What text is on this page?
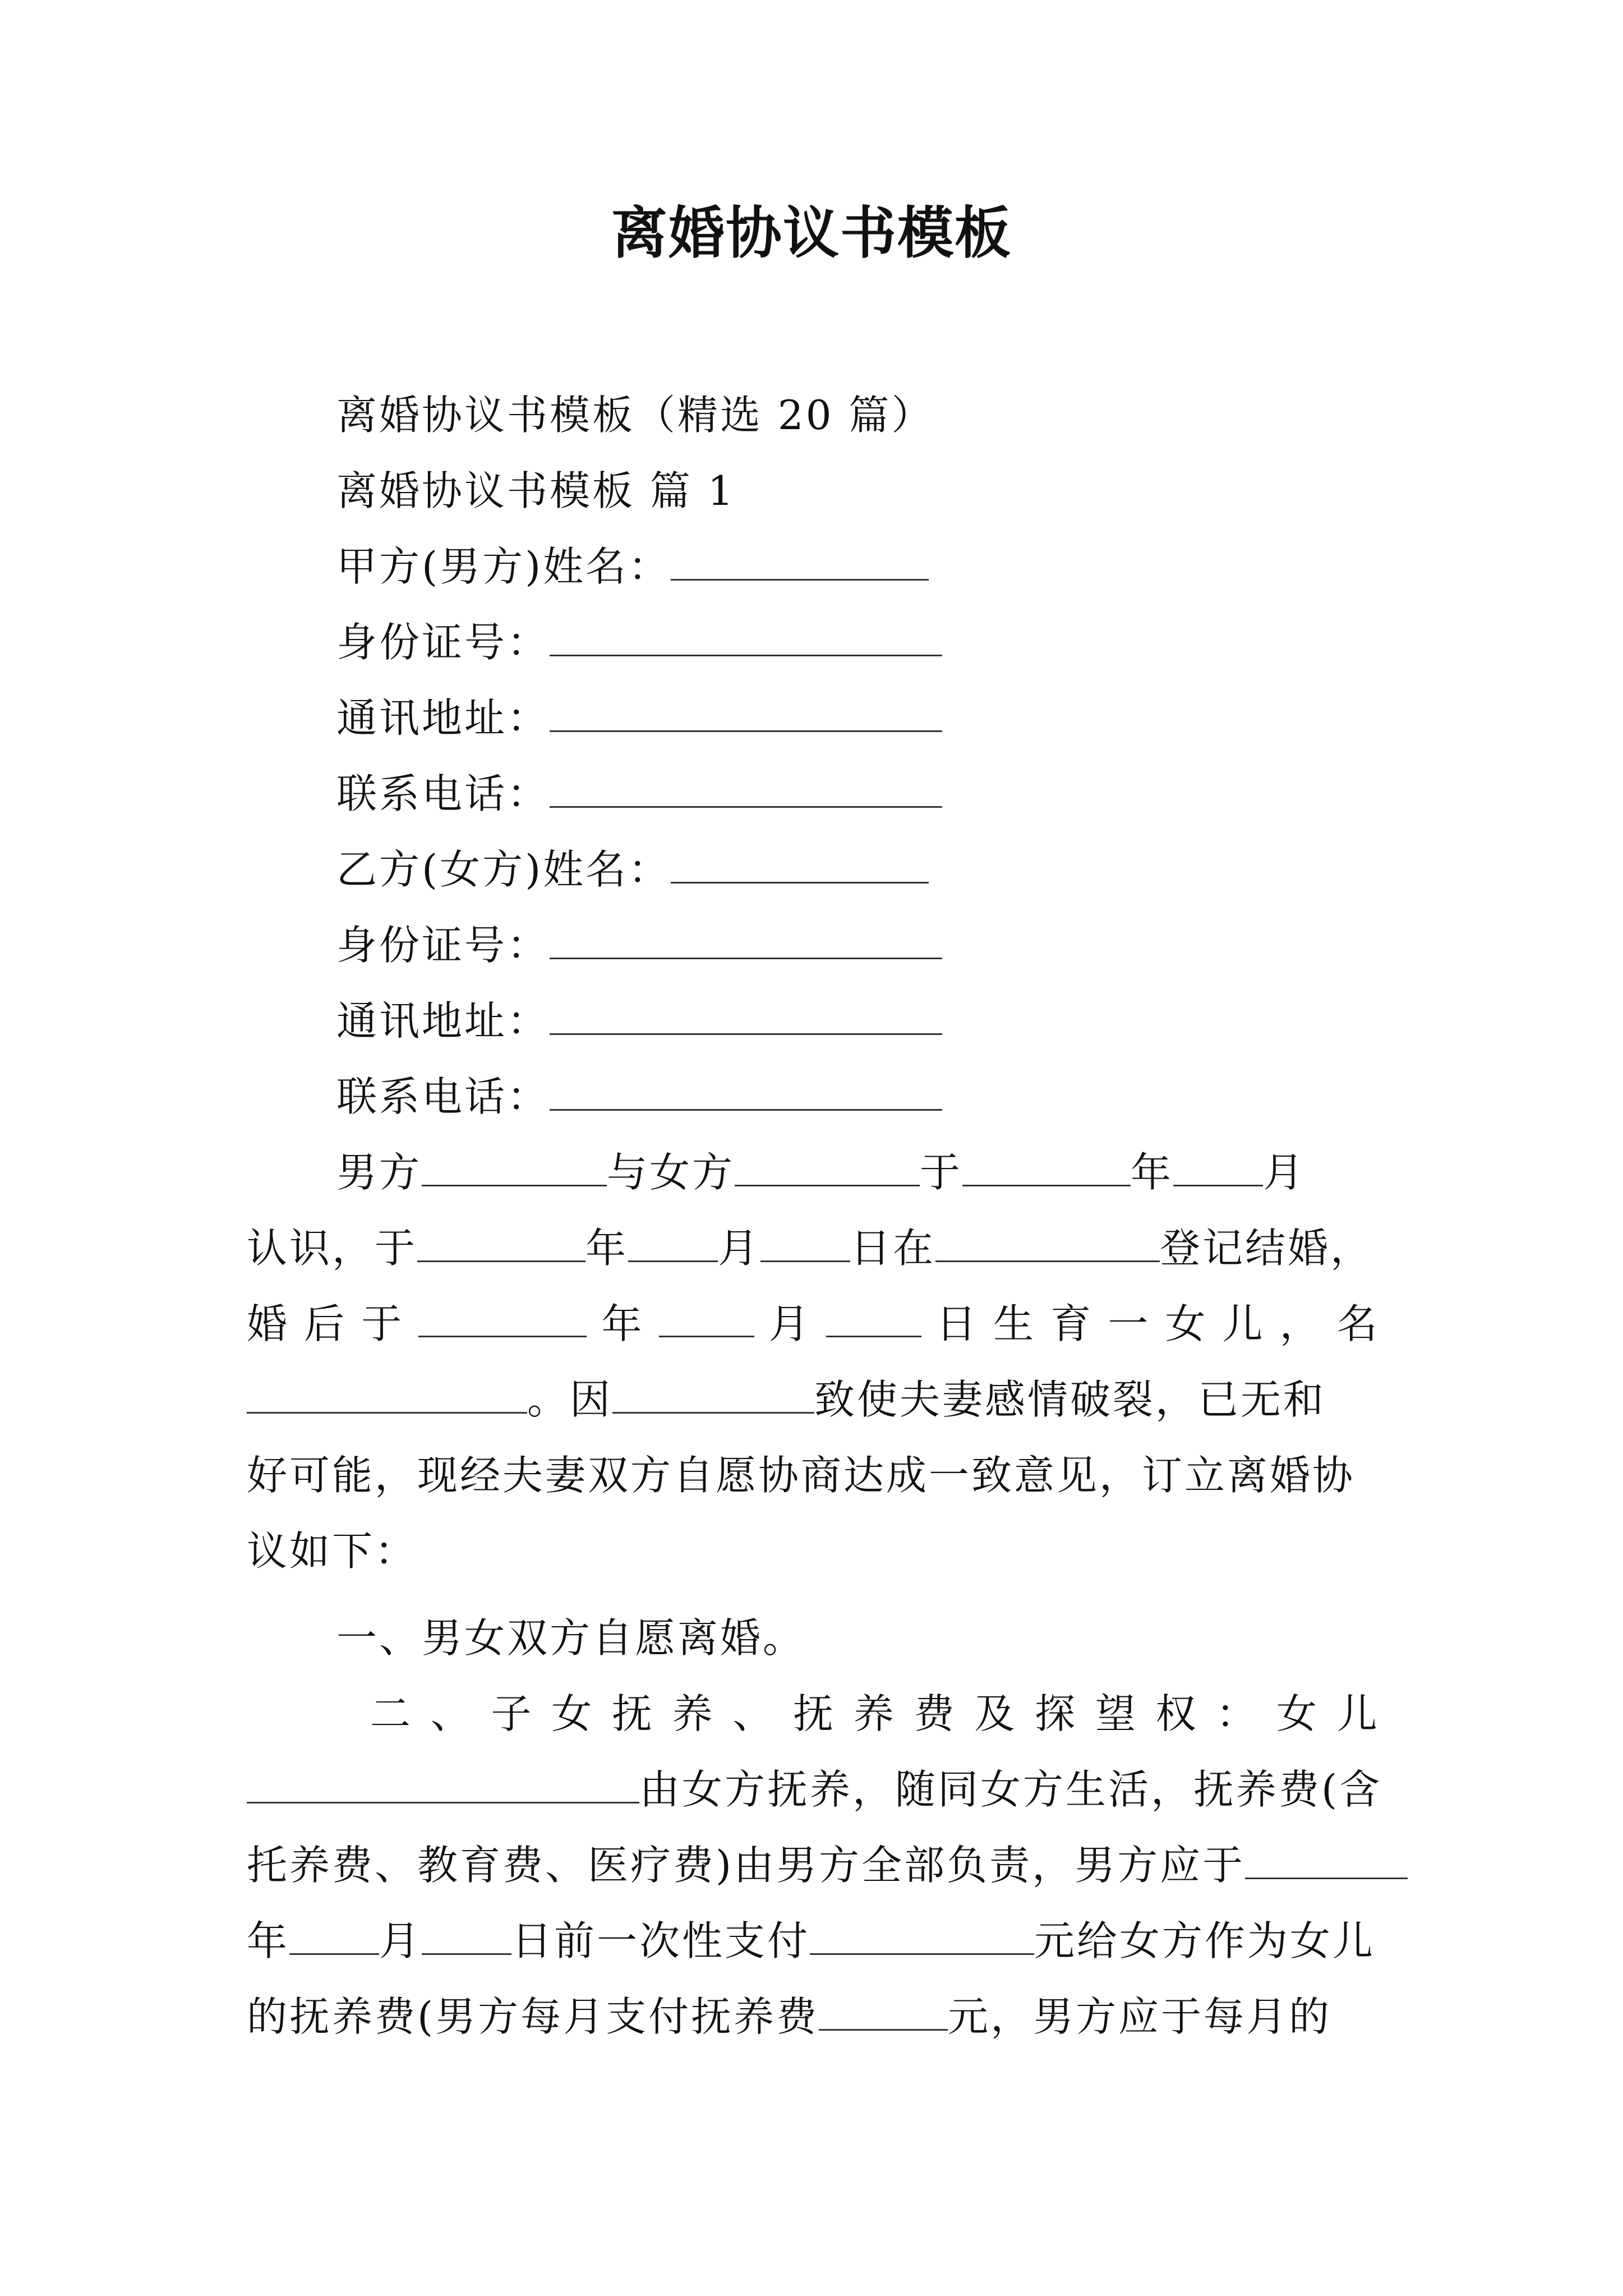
离婚协议书模板
离婚协议书模板（精选 20 篇）
离婚协议书模板 篇 1
甲方(男方)姓名：
身份证号：
通讯地址：
联系电话：
乙方(女方)姓名：
身份证号：
通讯地址：
联系电话：
男方	与女方	于	年 月
认识，于	年 月 日在	登记结婚，
婚 后 于	年	月	日 生 育 一 女 儿 ， 名
。因	致使夫妻感情破裂，已无和
好可能，现经夫妻双方自愿协商达成一致意见，订立离婚协
议如下：
一、男女双方自愿离婚。
二 、 子 女 抚 养 、 抚 养 费 及 探 望 权 ： 女 儿
由女方抚养，随同女方生活，抚养费(含
托养费、教育费、医疗费)由男方全部负责，男方应于
年 月 日前一次性支付	元给女方作为女儿
的抚养费(男方每月支付抚养费	元，男方应于每月的
